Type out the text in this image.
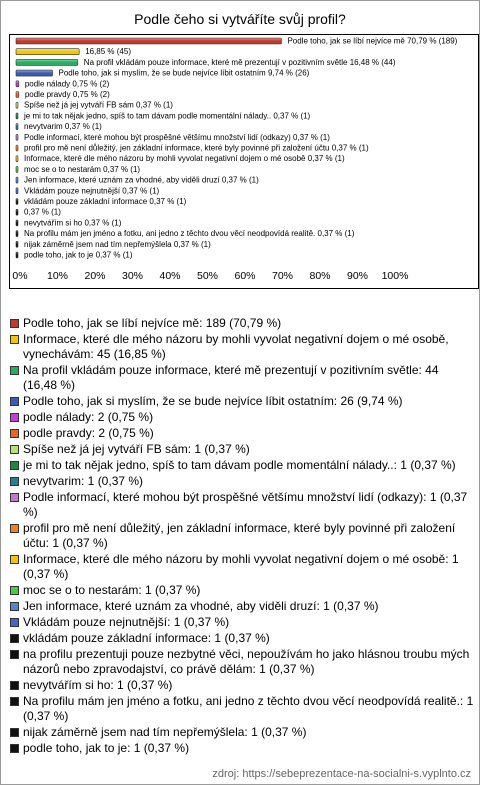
Podle čeho si vytváříte svůj profil?
Podle toho, jak se líbí nejvíce mě 70,79 % (189)
16,85 % (45)
Na profil vkládám pouze informace, které mě prezentují v pozitivním světle 16,48 % (44)
Podle toho, jak si myslím, že se bude nejvíce líbit ostatním 9,74 % (26)
podle nálady 0,75 % (2)
podle pravdy 0,75 % (2)
Spíše než já jej vytváří FB sám 0,37 % (1)
je mi to tak nějak jedno, spíš to tam dávam podle momentální nálady.. 0,37 % (1)
nevytvarim 0,37 % (1)
Podle informací, které mohou být prospěšné většímu množství lidí (odkazy) 0,37 % (1)
profil pro mě není důležitý, jen základní informace, které byly povinné při založení účtu 0,37 % (1)
Informace, které dle mého názoru by mohli vyvolat negativní dojem o mé osobě 0,37 % (1)
moc se o to nestarám 0,37 % (1)
Jen informace, které uznám za vhodné, aby viděli druzí 0,37 % (1)
Vkládám pouze nejnutnější 0,37 % (1)
vkládám pouze základní informace 0,37 % (1)
0,37 % (1)
nevytvářím si ho 0,37 % (1)
Na profilu mám jen jméno a fotku, ani jedno z těchto dvou věcí neodpovídá realitě. 0,37 % (1)
nijak záměrně jsem nad tím nepřemýšlela 0,37 % (1)
podle toho, jak to je 0,37 % (1)
0% 10% 20% 30% 40% 50% 60% 70% 80% 90% 100%
Podle toho, jak se líbí nejvíce mě: 189 (70,79 %)
Informace, které dle mého názoru by mohli vyvolat negativní dojem o mé osobě, vynechávám: 45 (16,85 %)
Na profil vkládám pouze informace, které mě prezentují v pozitivním světle: 44 (16,48 %)
Podle toho, jak si myslím, že se bude nejvíce líbit ostatním: 26 (9,74 %)
podle nálady: 2 (0,75 %)
podle pravdy: 2 (0,75 %)
Spíše než já jej vytváří FB sám: 1 (0,37 %)
je mi to tak nějak jedno, spíš to tam dávam podle momentální nálady..: 1 (0,37 %)
nevytvarim: 1 (0,37 %)
Podle informací, které mohou být prospěšné většímu množství lidí (odkazy): 1 (0,37 %)
profil pro mě není důležitý, jen základní informace, které byly povinné při založení účtu: 1 (0,37 %)
Informace, které dle mého názoru by mohli vyvolat negativní dojem o mé osobě: 1 (0,37 %)
moc se o to nestarám: 1 (0,37 %)
Jen informace, které uznám za vhodné, aby viděli druzí: 1 (0,37 %)
Vkládám pouze nejnutnější: 1 (0,37 %)
vkládám pouze základní informace: 1 (0,37 %)
na profilu prezentuji pouze nezbytné věci, nepoužívám ho jako hlásnou troubu mých názorů nebo zpravodajství, co právě dělám: 1 (0,37 %)
nevytvářím si ho: 1 (0,37 %)
Na profilu mám jen jméno a fotku, ani jedno z těchto dvou věcí neodpovídá realitě.: 1 (0,37 %)
nijak záměrně jsem nad tím nepřemýšlela: 1 (0,37 %)
podle toho, jak to je: 1 (0,37 %)
zdroj: https://sebeprezentace-na-socialni-s.vyplnto.cz
